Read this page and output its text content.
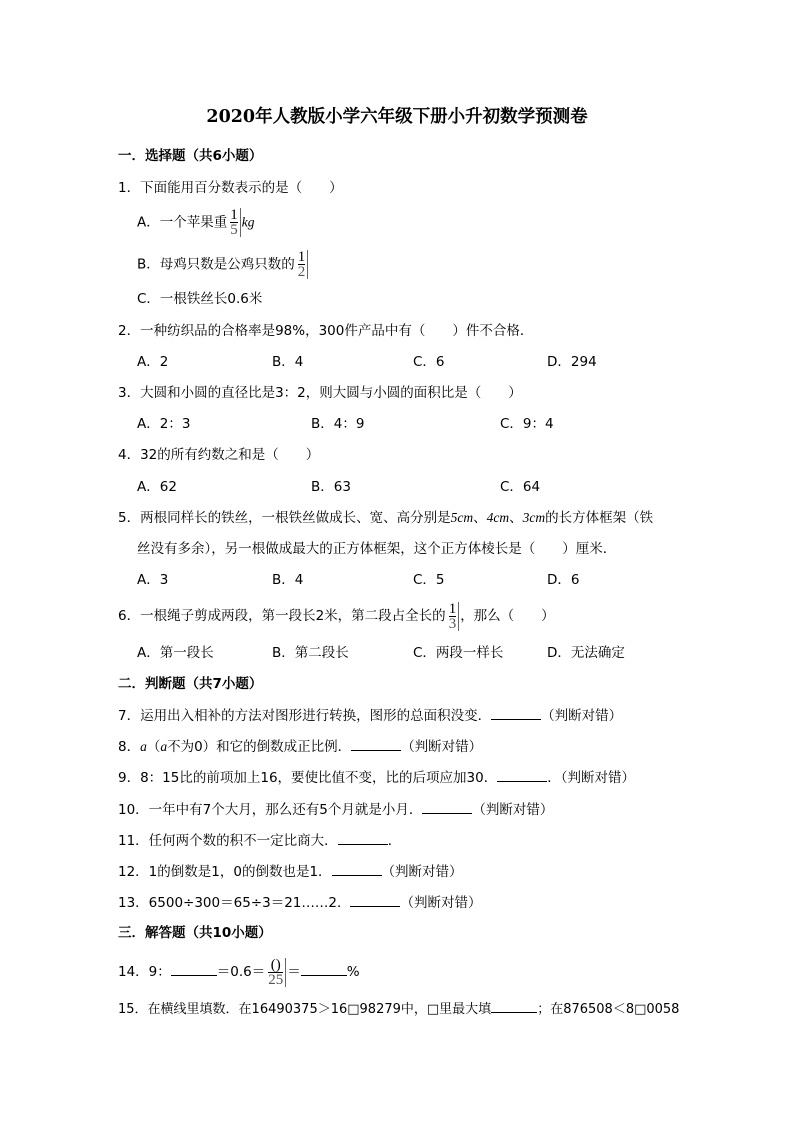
2020年人教版小学六年级下册小升初数学预测卷
一．选择题（共6小题）
1．下面能用百分数表示的是（　　）
A．一个苹果重 $\frac{1}{5}$ kg
B．母鸡只数是公鸡只数的 $\frac{1}{2}$
C．一根铁丝长0.6米
2．一种纺织品的合格率是98%，300件产品中有（　　）件不合格．
A．2	B．4	C．6	D．294
3．大圆和小圆的直径比是3：2，则大圆与小圆的面积比是（　　）
A．2：3	B．4：9	C．9：4
4．32的所有约数之和是（　　）
A．62	B．63	C．64
5．两根同样长的铁丝，一根铁丝做成长、宽、高分别是5cm、4cm、3cm的长方体框架（铁
丝没有多余），另一根做成最大的正方体框架，这个正方体棱长是（　　）厘米．
A．3	B．4	C．5	D．6
6．一根绳子剪成两段，第一段长2米，第二段占全长的 $\frac{1}{3}$ ，那么（　　）
A．第一段长	B．第二段长	C．两段一样长	D．无法确定
二．判断题（共7小题）
7．运用出入相补的方法对图形进行转换，图形的总面积没变．	（判断对错）
8．a（a不为0）和它的倒数成正比例．	（判断对错）
9．8：15比的前项加上16，要使比值不变，比的后项应加30．	．（判断对错）
10．一年中有7个大月，那么还有5个月就是小月．	（判断对错）
11．任何两个数的积不一定比商大．	．
12．1的倒数是1，0的倒数也是1．	（判断对错）
13．6500÷300＝65÷3＝21……2．	（判断对错）
三．解答题（共10小题）
14．9：	$=0.6= \frac{()}{25}$ ＝	%
15．在横线里填数．在16490375＞16□98279中，□里最大填	；在876508＜8□0058
